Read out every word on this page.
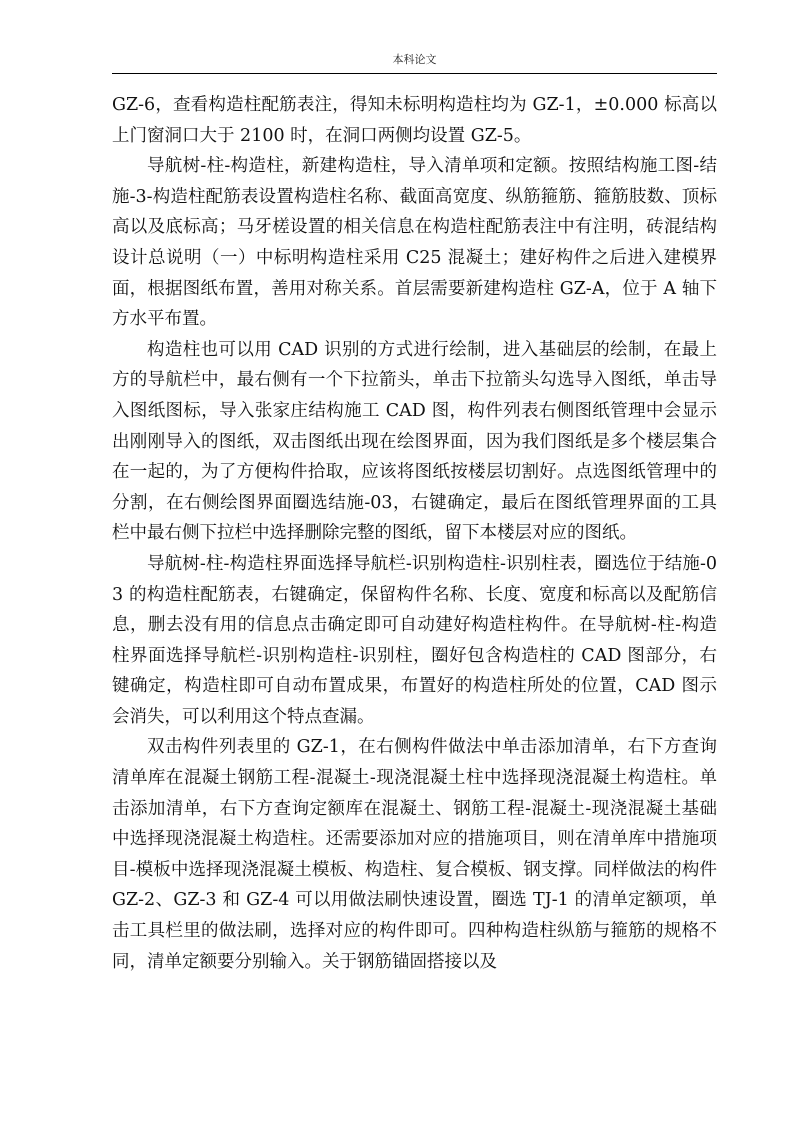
本科论文

GZ-6，查看构造柱配筋表注，得知未标明构造柱均为 GZ-1，±0.000 标高以上门窗洞口大于 2100 时，在洞口两侧均设置 GZ-5。

导航树-柱-构造柱，新建构造柱，导入清单项和定额。按照结构施工图-结施-3-构造柱配筋表设置构造柱名称、截面高宽度、纵筋箍筋、箍筋肢数、顶标高以及底标高；马牙槎设置的相关信息在构造柱配筋表注中有注明，砖混结构设计总说明（一）中标明构造柱采用 C25 混凝土；建好构件之后进入建模界面，根据图纸布置，善用对称关系。首层需要新建构造柱 GZ-A，位于 A 轴下方水平布置。

构造柱也可以用 CAD 识别的方式进行绘制，进入基础层的绘制，在最上方的导航栏中，最右侧有一个下拉箭头，单击下拉箭头勾选导入图纸，单击导入图纸图标，导入张家庄结构施工 CAD 图，构件列表右侧图纸管理中会显示出刚刚导入的图纸，双击图纸出现在绘图界面，因为我们图纸是多个楼层集合在一起的，为了方便构件拾取，应该将图纸按楼层切割好。点选图纸管理中的分割，在右侧绘图界面圈选结施-03，右键确定，最后在图纸管理界面的工具栏中最右侧下拉栏中选择删除完整的图纸，留下本楼层对应的图纸。

导航树-柱-构造柱界面选择导航栏-识别构造柱-识别柱表，圈选位于结施-03 的构造柱配筋表，右键确定，保留构件名称、长度、宽度和标高以及配筋信息，删去没有用的信息点击确定即可自动建好构造柱构件。在导航树-柱-构造柱界面选择导航栏-识别构造柱-识别柱，圈好包含构造柱的 CAD 图部分，右键确定，构造柱即可自动布置成果，布置好的构造柱所处的位置，CAD 图示会消失，可以利用这个特点查漏。

双击构件列表里的 GZ-1，在右侧构件做法中单击添加清单，右下方查询清单库在混凝土钢筋工程-混凝土-现浇混凝土柱中选择现浇混凝土构造柱。单击添加清单，右下方查询定额库在混凝土、钢筋工程-混凝土-现浇混凝土基础中选择现浇混凝土构造柱。还需要添加对应的措施项目，则在清单库中措施项目-模板中选择现浇混凝土模板、构造柱、复合模板、钢支撑。同样做法的构件 GZ-2、GZ-3 和 GZ-4 可以用做法刷快速设置，圈选 TJ-1 的清单定额项，单击工具栏里的做法刷，选择对应的构件即可。四种构造柱纵筋与箍筋的规格不同，清单定额要分别输入。关于钢筋锚固搭接以及
